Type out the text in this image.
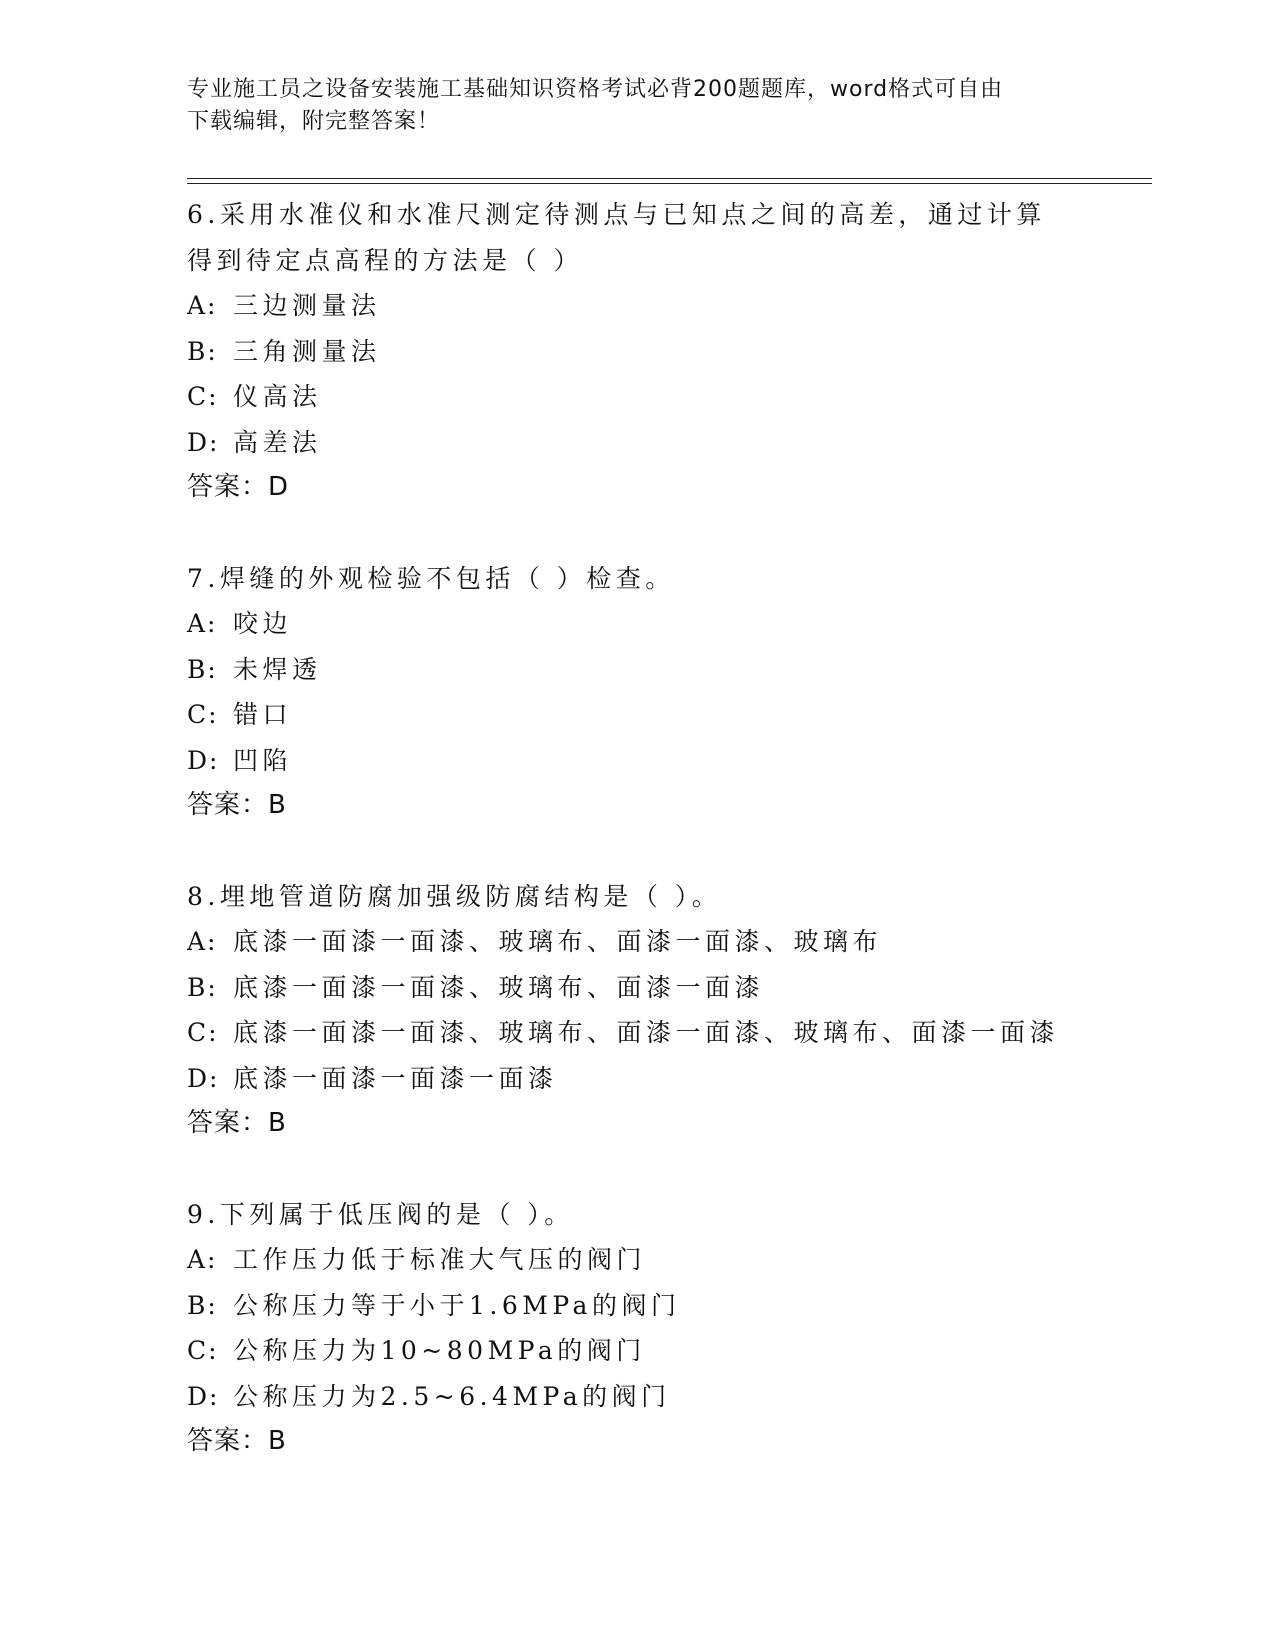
专业施工员之设备安装施工基础知识资格考试必背200题题库，word格式可自由
下载编辑，附完整答案！
6.采用水准仪和水准尺测定待测点与已知点之间的高差，通过计算得到待定点高程的方法是（ ）
A: 三边测量法
B: 三角测量法
C: 仪高法
D: 高差法
答案：D
7.焊缝的外观检验不包括（ ）检查。
A: 咬边
B: 未焊透
C: 错口
D: 凹陷
答案：B
8.埋地管道防腐加强级防腐结构是（ ）。
A: 底漆一面漆一面漆、玻璃布、面漆一面漆、玻璃布
B: 底漆一面漆一面漆、玻璃布、面漆一面漆
C: 底漆一面漆一面漆、玻璃布、面漆一面漆、玻璃布、面漆一面漆
D: 底漆一面漆一面漆一面漆
答案：B
9.下列属于低压阀的是（ ）。
A: 工作压力低于标准大气压的阀门
B: 公称压力等于小于1.6MPa的阀门
C: 公称压力为10~80MPa的阀门
D: 公称压力为2.5~6.4MPa的阀门
答案：B
